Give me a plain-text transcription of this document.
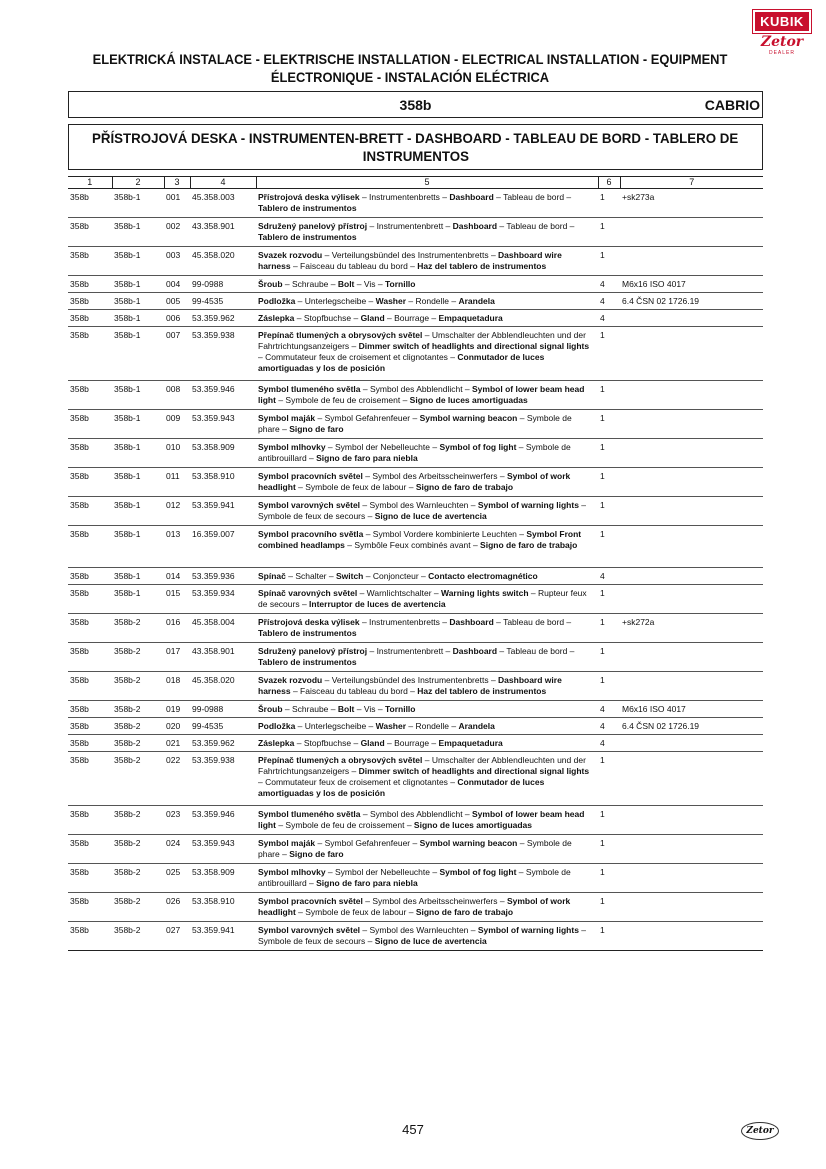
KUBIK
Zetor
DEALER
ELEKTRICKÁ INSTALACE - ELEKTRISCHE INSTALLATION - ELECTRICAL INSTALLATION - EQUIPMENT
ÉLECTRONIQUE - INSTALACIÓN ELÉCTRICA
358b	CABRIO
PŘÍSTROJOVÁ DESKA - INSTRUMENTEN-BRETT - DASHBOARD - TABLEAU DE BORD - TABLERO DE
INSTRUMENTOS
1	2	3	4	5	6	7
358b	358b-1	001	45.358.003	Přístrojová deska výlisek – Instrumentenbretts – Dashboard – Tableau de bord – Tablero de instrumentos	1	+sk273a
358b	358b-1	002	43.358.901	Sdružený panelový přístroj – Instrumentenbrett – Dashboard – Tableau de bord – Tablero de instrumentos	1	
358b	358b-1	003	45.358.020	Svazek rozvodu – Verteilungsbündel des Instrumentenbretts – Dashboard wire harness – Faisceau du tableau du bord – Haz del tablero de instrumentos	1	
358b	358b-1	004	99-0988	Šroub – Schraube – Bolt – Vis – Tornillo	4	M6x16 ISO 4017
358b	358b-1	005	99-4535	Podložka – Unterlegscheibe – Washer – Rondelle – Arandela	4	6.4 ČSN 02 1726.19
358b	358b-1	006	53.359.962	Záslepka – Stopfbuchse – Gland – Bourrage – Empaquetadura	4	
358b	358b-1	007	53.359.938	Přepínač tlumených a obrysových světel – Umschalter der Abblendleuchten und der Fahrtrichtungsanzeigers – Dimmer switch of headlights and directional signal lights – Commutateur feux de croisement et clignotantes – Conmutador de luces amortiguadas y los de posición	1	
358b	358b-1	008	53.359.946	Symbol tlumeného světla – Symbol des Abblendlicht – Symbol of lower beam head light – Symbole de feu de croisement – Signo de luces amortiguadas	1	
358b	358b-1	009	53.359.943	Symbol maják – Symbol Gefahrenfeuer – Symbol warning beacon – Symbole de phare – Signo de faro	1	
358b	358b-1	010	53.358.909	Symbol mlhovky – Symbol der Nebelleuchte – Symbol of fog light – Symbole de antibrouillard – Signo de faro para niebla	1	
358b	358b-1	011	53.358.910	Symbol pracovních světel – Symbol des Arbeitsscheinwerfers – Symbol of work headlight – Symbole de feux de labour – Signo de faro de trabajo	1	
358b	358b-1	012	53.359.941	Symbol varovných světel – Symbol des Warnleuchten – Symbol of warning lights – Symbole de feux de secours – Signo de luce de avertencia	1	
358b	358b-1	013	16.359.007	Symbol pracovního světla – Symbol Vordere kombinierte Leuchten – Symbol Front combined headlamps – Symbôle Feux combinés avant – Signo de faro de trabajo	1	
358b	358b-1	014	53.359.936	Spínač – Schalter – Switch – Conjoncteur – Contacto electromagnético	4	
358b	358b-1	015	53.359.934	Spínač varovných světel – Warnlichtschalter – Warning lights switch – Rupteur feux de secours – Interruptor de luces de avertencia	1	
358b	358b-2	016	45.358.004	Přístrojová deska výlisek – Instrumentenbretts – Dashboard – Tableau de bord – Tablero de instrumentos	1	+sk272a
358b	358b-2	017	43.358.901	Sdružený panelový přístroj – Instrumentenbrett – Dashboard – Tableau de bord – Tablero de instrumentos	1	
358b	358b-2	018	45.358.020	Svazek rozvodu – Verteilungsbündel des Instrumentenbretts – Dashboard wire harness – Faisceau du tableau du bord – Haz del tablero de instrumentos	1	
358b	358b-2	019	99-0988	Šroub – Schraube – Bolt – Vis – Tornillo	4	M6x16 ISO 4017
358b	358b-2	020	99-4535	Podložka – Unterlegscheibe – Washer – Rondelle – Arandela	4	6.4 ČSN 02 1726.19
358b	358b-2	021	53.359.962	Záslepka – Stopfbuchse – Gland – Bourrage – Empaquetadura	4	
358b	358b-2	022	53.359.938	Přepínač tlumených a obrysových světel – Umschalter der Abblendleuchten und der Fahrtrichtungsanzeigers – Dimmer switch of headlights and directional signal lights – Commutateur feux de croisement et clignotantes – Conmutador de luces amortiguadas y los de posición	1	
358b	358b-2	023	53.359.946	Symbol tlumeného světla – Symbol des Abblendlicht – Symbol of lower beam head light – Symbole de feu de croissement – Signo de luces amortiguadas	1	
358b	358b-2	024	53.359.943	Symbol maják – Symbol Gefahrenfeuer – Symbol warning beacon – Symbole de phare – Signo de faro	1	
358b	358b-2	025	53.358.909	Symbol mlhovky – Symbol der Nebelleuchte – Symbol of fog light – Symbole de antibrouillard – Signo de faro para niebla	1	
358b	358b-2	026	53.358.910	Symbol pracovních světel – Symbol des Arbeitsscheinwerfers – Symbol of work headlight – Symbole de feux de labour – Signo de faro de trabajo	1	
358b	358b-2	027	53.359.941	Symbol varovných světel – Symbol des Warnleuchten – Symbol of warning lights – Symbole de feux de secours – Signo de luce de avertencia	1	
457	Zetor
